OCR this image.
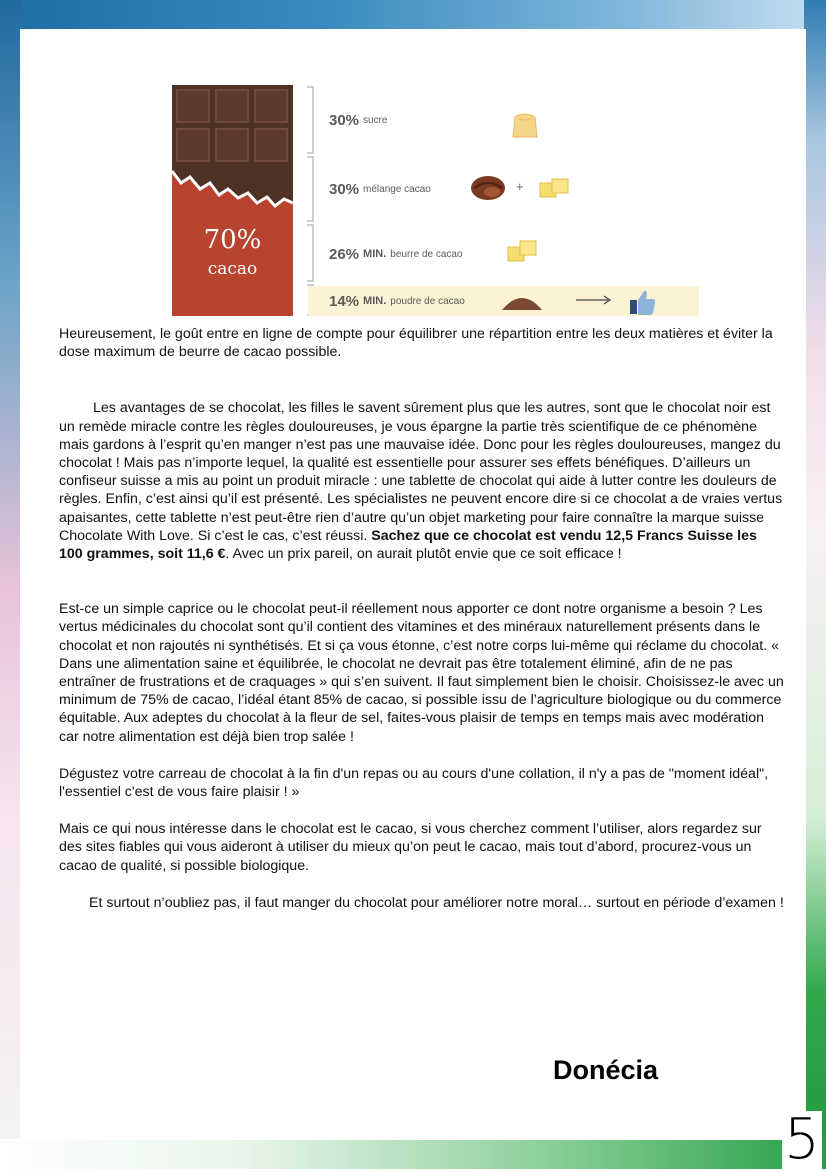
70%
cacao
30% sucre
30% mélange cacao	+
26% MIN. beurre de cacao
14% MIN. poudre de cacao

Heureusement, le goût entre en ligne de compte pour équilibrer une répartition entre les deux matières et éviter la dose maximum de beurre de cacao possible.

Les avantages de se chocolat, les filles le savent sûrement plus que les autres, sont que le chocolat noir est un remède miracle contre les règles douloureuses, je vous épargne la partie très scientifique de ce phénomène mais gardons à l’esprit qu’en manger n’est pas une mauvaise idée. Donc pour les règles douloureuses, mangez du chocolat ! Mais pas n’importe lequel, la qualité est essentielle pour assurer ses effets bénéfiques. D’ailleurs un confiseur suisse a mis au point un produit miracle : une tablette de chocolat qui aide à lutter contre les douleurs de règles. Enfin, c’est ainsi qu’il est présenté. Les spécialistes ne peuvent encore dire si ce chocolat a de vraies vertus apaisantes, cette tablette n’est peut-être rien d’autre qu’un objet marketing pour faire connaître la marque suisse Chocolate With Love. Si c’est le cas, c’est réussi. Sachez que ce chocolat est vendu 12,5 Francs Suisse les 100 grammes, soit 11,6 €. Avec un prix pareil, on aurait plutôt envie que ce soit efficace !

Est-ce un simple caprice ou le chocolat peut-il réellement nous apporter ce dont notre organisme a besoin ? Les vertus médicinales du chocolat sont qu’il contient des vitamines et des minéraux naturellement présents dans le chocolat et non rajoutés ni synthétisés. Et si ça vous étonne, c’est notre corps lui-même qui réclame du chocolat. « Dans une alimentation saine et équilibrée, le chocolat ne devrait pas être totalement éliminé, afin de ne pas entraîner de frustrations et de craquages » qui s’en suivent. Il faut simplement bien le choisir. Choisissez-le avec un minimum de 75% de cacao, l’idéal étant 85% de cacao, si possible issu de l’agriculture biologique ou du commerce équitable. Aux adeptes du chocolat à la fleur de sel, faites-vous plaisir de temps en temps mais avec modération car notre alimentation est déjà bien trop salée !

Dégustez votre carreau de chocolat à la fin d'un repas ou au cours d'une collation, il n'y a pas de "moment idéal", l'essentiel c'est de vous faire plaisir ! »

Mais ce qui nous intéresse dans le chocolat est le cacao, si vous cherchez comment l’utiliser, alors regardez sur des sites fiables qui vous aideront à utiliser du mieux qu’on peut le cacao, mais tout d’abord, procurez-vous un cacao de qualité, si possible biologique.

Et surtout n’oubliez pas, il faut manger du chocolat pour améliorer notre moral… surtout en période d’examen !

Donécia
5
